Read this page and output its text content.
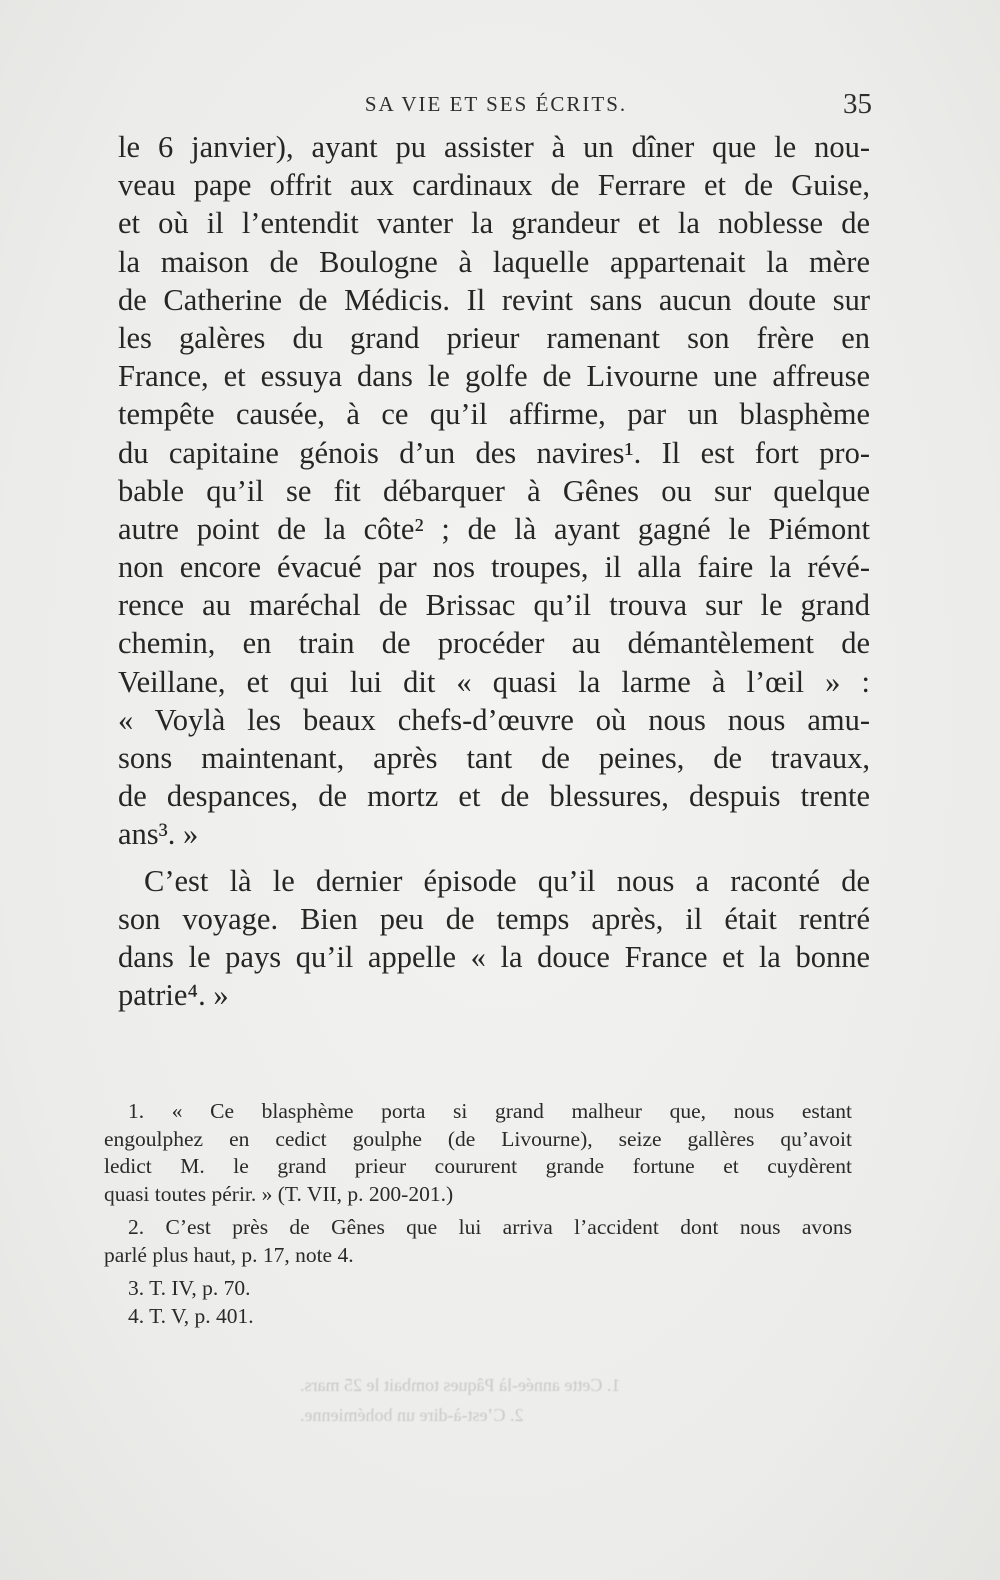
SA VIE ET SES ÉCRITS.	35
le 6 janvier), ayant pu assister à un dîner que le nou-
veau pape offrit aux cardinaux de Ferrare et de Guise,
et où il l’entendit vanter la grandeur et la noblesse de
la maison de Boulogne à laquelle appartenait la mère
de Catherine de Médicis. Il revint sans aucun doute sur
les galères du grand prieur ramenant son frère en
France, et essuya dans le golfe de Livourne une affreuse
tempête causée, à ce qu’il affirme, par un blasphème
du capitaine génois d’un des navires¹. Il est fort pro-
bable qu’il se fit débarquer à Gênes ou sur quelque
autre point de la côte² ; de là ayant gagné le Piémont
non encore évacué par nos troupes, il alla faire la révé-
rence au maréchal de Brissac qu’il trouva sur le grand
chemin, en train de procéder au démantèlement de
Veillane, et qui lui dit « quasi la larme à l’œil » :
« Voylà les beaux chefs-d’œuvre où nous nous amu-
sons maintenant, après tant de peines, de travaux,
de despances, de mortz et de blessures, despuis trente
ans³. »
C’est là le dernier épisode qu’il nous a raconté de
son voyage. Bien peu de temps après, il était rentré
dans le pays qu’il appelle « la douce France et la bonne
patrie⁴. »
1. « Ce blasphème porta si grand malheur que, nous estant
engoulphez en cedict goulphe (de Livourne), seize gallères qu’avoit
ledict M. le grand prieur coururent grande fortune et cuydèrent
quasi toutes périr. » (T. VII, p. 200-201.)
2. C’est près de Gênes que lui arriva l’accident dont nous avons
parlé plus haut, p. 17, note 4.
3. T. IV, p. 70.
4. T. V, p. 401.
1. Cette année-là Pâques tombait le 25 mars.
2. C’est-à-dire un bohémienne.
